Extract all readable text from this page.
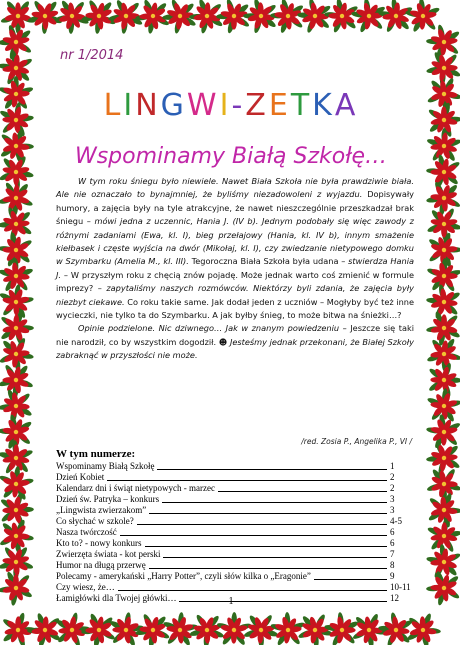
nr 1/2014
LINGWI-ZETKA
Wspominamy Białą Szkołę…

W tym roku śniegu było niewiele. Nawet Biała Szkoła nie była prawdziwie biała. Ale nie oznaczało to bynajmniej, że byliśmy niezadowoleni z wyjazdu. Dopisywały humory, a zajęcia były na tyle atrakcyjne, że nawet nieszczególnie przeszkadzał brak śniegu – mówi jedna z uczennic, Hania J. (IV b). Jednym podobały się więc zawody z różnymi zadaniami (Ewa, kl. I), bieg przełajowy (Hania, kl. IV b), innym smażenie kiełbasek i częste wyjścia na dwór (Mikołaj, kl. I), czy zwiedzanie nietypowego domku w Szymbarku (Amelia M., kl. III). Tegoroczna Biała Szkoła była udana – stwierdza Hania J. – W przyszłym roku z chęcią znów pojadę. Może jednak warto coś zmienić w formule imprezy? – zapytaliśmy naszych rozmówców. Niektórzy byli zdania, że zajęcia były niezbyt ciekawe. Co roku takie same. Jak dodał jeden z uczniów – Mogłyby być też inne wycieczki, nie tylko ta do Szymbarku. A jak byłby śnieg, to może bitwa na śnieżki…?

Opinie podzielone. Nic dziwnego… Jak w znanym powiedzeniu – Jeszcze się taki nie narodził, co by wszystkim dogodził. ☻ Jesteśmy jednak przekonani, że Białej Szkoły zabraknąć w przyszłości nie może.

/red. Zosia P., Angelika P., VI /
W tym numerze:
Wspominamy Białą Szkołę	1
Dzień Kobiet	2
Kalendarz dni i świąt nietypowych - marzec	2
Dzień św. Patryka – konkurs	3
„Lingwista zwierzakom”	3
Co słychać w szkole?	4-5
Nasza twórczość	6
Kto to? - nowy konkurs	6
Zwierzęta świata - kot perski	7
Humor na długą przerwę	8
Polecamy - amerykański „Harry Potter”, czyli słów kilka o „Eragonie”	9
Czy wiesz, że…	10-11
Łamigłówki dla Twojej główki…	12
1
